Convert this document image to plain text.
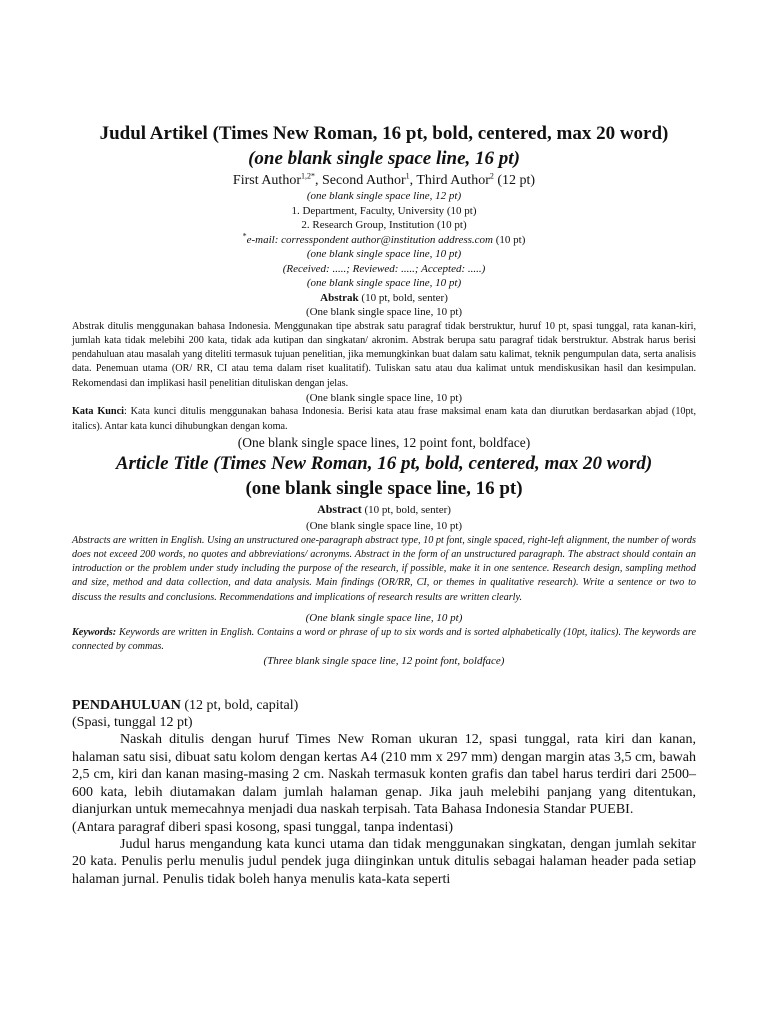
Judul Artikel (Times New Roman, 16 pt, bold, centered, max 20 word)

(one blank single space line, 16 pt)

First Author$^{1,2*}$, Second Author$^1$, Third Author$^2$ (12 pt)

(one blank single space line, 12 pt)

1. Department, Faculty, University (10 pt)

2. Research Group, Institution (10 pt)

*e-mail: corresspondent author@institution address.com (10 pt)

(one blank single space line, 10 pt)

(Received: .....; Reviewed: .....; Accepted: .....)

(one blank single space line, 10 pt)

Abstrak (10 pt, bold, senter)

(One blank single space line, 10 pt)

Abstrak ditulis menggunakan bahasa Indonesia. Menggunakan tipe abstrak satu paragraf tidak berstruktur, huruf 10 pt, spasi tunggal, rata kanan-kiri, jumlah kata tidak melebihi 200 kata, tidak ada kutipan dan singkatan/ akronim. Abstrak berupa satu paragraf tidak berstruktur. Abstrak harus berisi pendahuluan atau masalah yang diteliti termasuk tujuan penelitian, jika memungkinkan buat dalam satu kalimat, teknik pengumpulan data, serta analisis data. Penemuan utama (OR/ RR, CI atau tema dalam riset kualitatif). Tuliskan satu atau dua kalimat untuk mendiskusikan hasil dan kesimpulan. Rekomendasi dan implikasi hasil penelitian dituliskan dengan jelas.

(One blank single space line, 10 pt)

Kata Kunci: Kata kunci ditulis menggunakan bahasa Indonesia. Berisi kata atau frase maksimal enam kata dan diurutkan berdasarkan abjad (10pt, italics). Antar kata kunci dihubungkan dengan koma.

(One blank single space lines, 12 point font, boldface)

Article Title (Times New Roman, 16 pt, bold, centered, max 20 word)

(one blank single space line, 16 pt)

Abstract (10 pt, bold, senter)

(One blank single space line, 10 pt)

Abstracts are written in English. Using an unstructured one-paragraph abstract type, 10 pt font, single spaced, right-left alignment, the number of words does not exceed 200 words, no quotes and abbreviations/ acronyms. Abstract in the form of an unstructured paragraph. The abstract should contain an introduction or the problem under study including the purpose of the research, if possible, make it in one sentence. Research design, sampling method and size, method and data collection, and data analysis. Main findings (OR/RR, CI, or themes in qualitative research). Write a sentence or two to discuss the results and conclusions. Recommendations and implications of research results are written clearly.

(One blank single space line, 10 pt)

Keywords: Keywords are written in English. Contains a word or phrase of up to six words and is sorted alphabetically (10pt, italics). The keywords are connected by commas.

(Three blank single space line, 12 point font, boldface)

PENDAHULUAN (12 pt, bold, capital)

(Spasi, tunggal 12 pt)

Naskah ditulis dengan huruf Times New Roman ukuran 12, spasi tunggal, rata kiri dan kanan, halaman satu sisi, dibuat satu kolom dengan kertas A4 (210 mm x 297 mm) dengan margin atas 3,5 cm, bawah 2,5 cm, kiri dan kanan masing-masing 2 cm. Naskah termasuk konten grafis dan tabel harus terdiri dari 2500–600 kata, lebih diutamakan dalam jumlah halaman genap. Jika jauh melebihi panjang yang ditentukan, dianjurkan untuk memecahnya menjadi dua naskah terpisah. Tata Bahasa Indonesia Standar PUEBI.

(Antara paragraf diberi spasi kosong, spasi tunggal, tanpa indentasi)

Judul harus mengandung kata kunci utama dan tidak menggunakan singkatan, dengan jumlah sekitar 20 kata. Penulis perlu menulis judul pendek juga diinginkan untuk ditulis sebagai halaman header pada setiap halaman jurnal. Penulis tidak boleh hanya menulis kata-kata seperti
